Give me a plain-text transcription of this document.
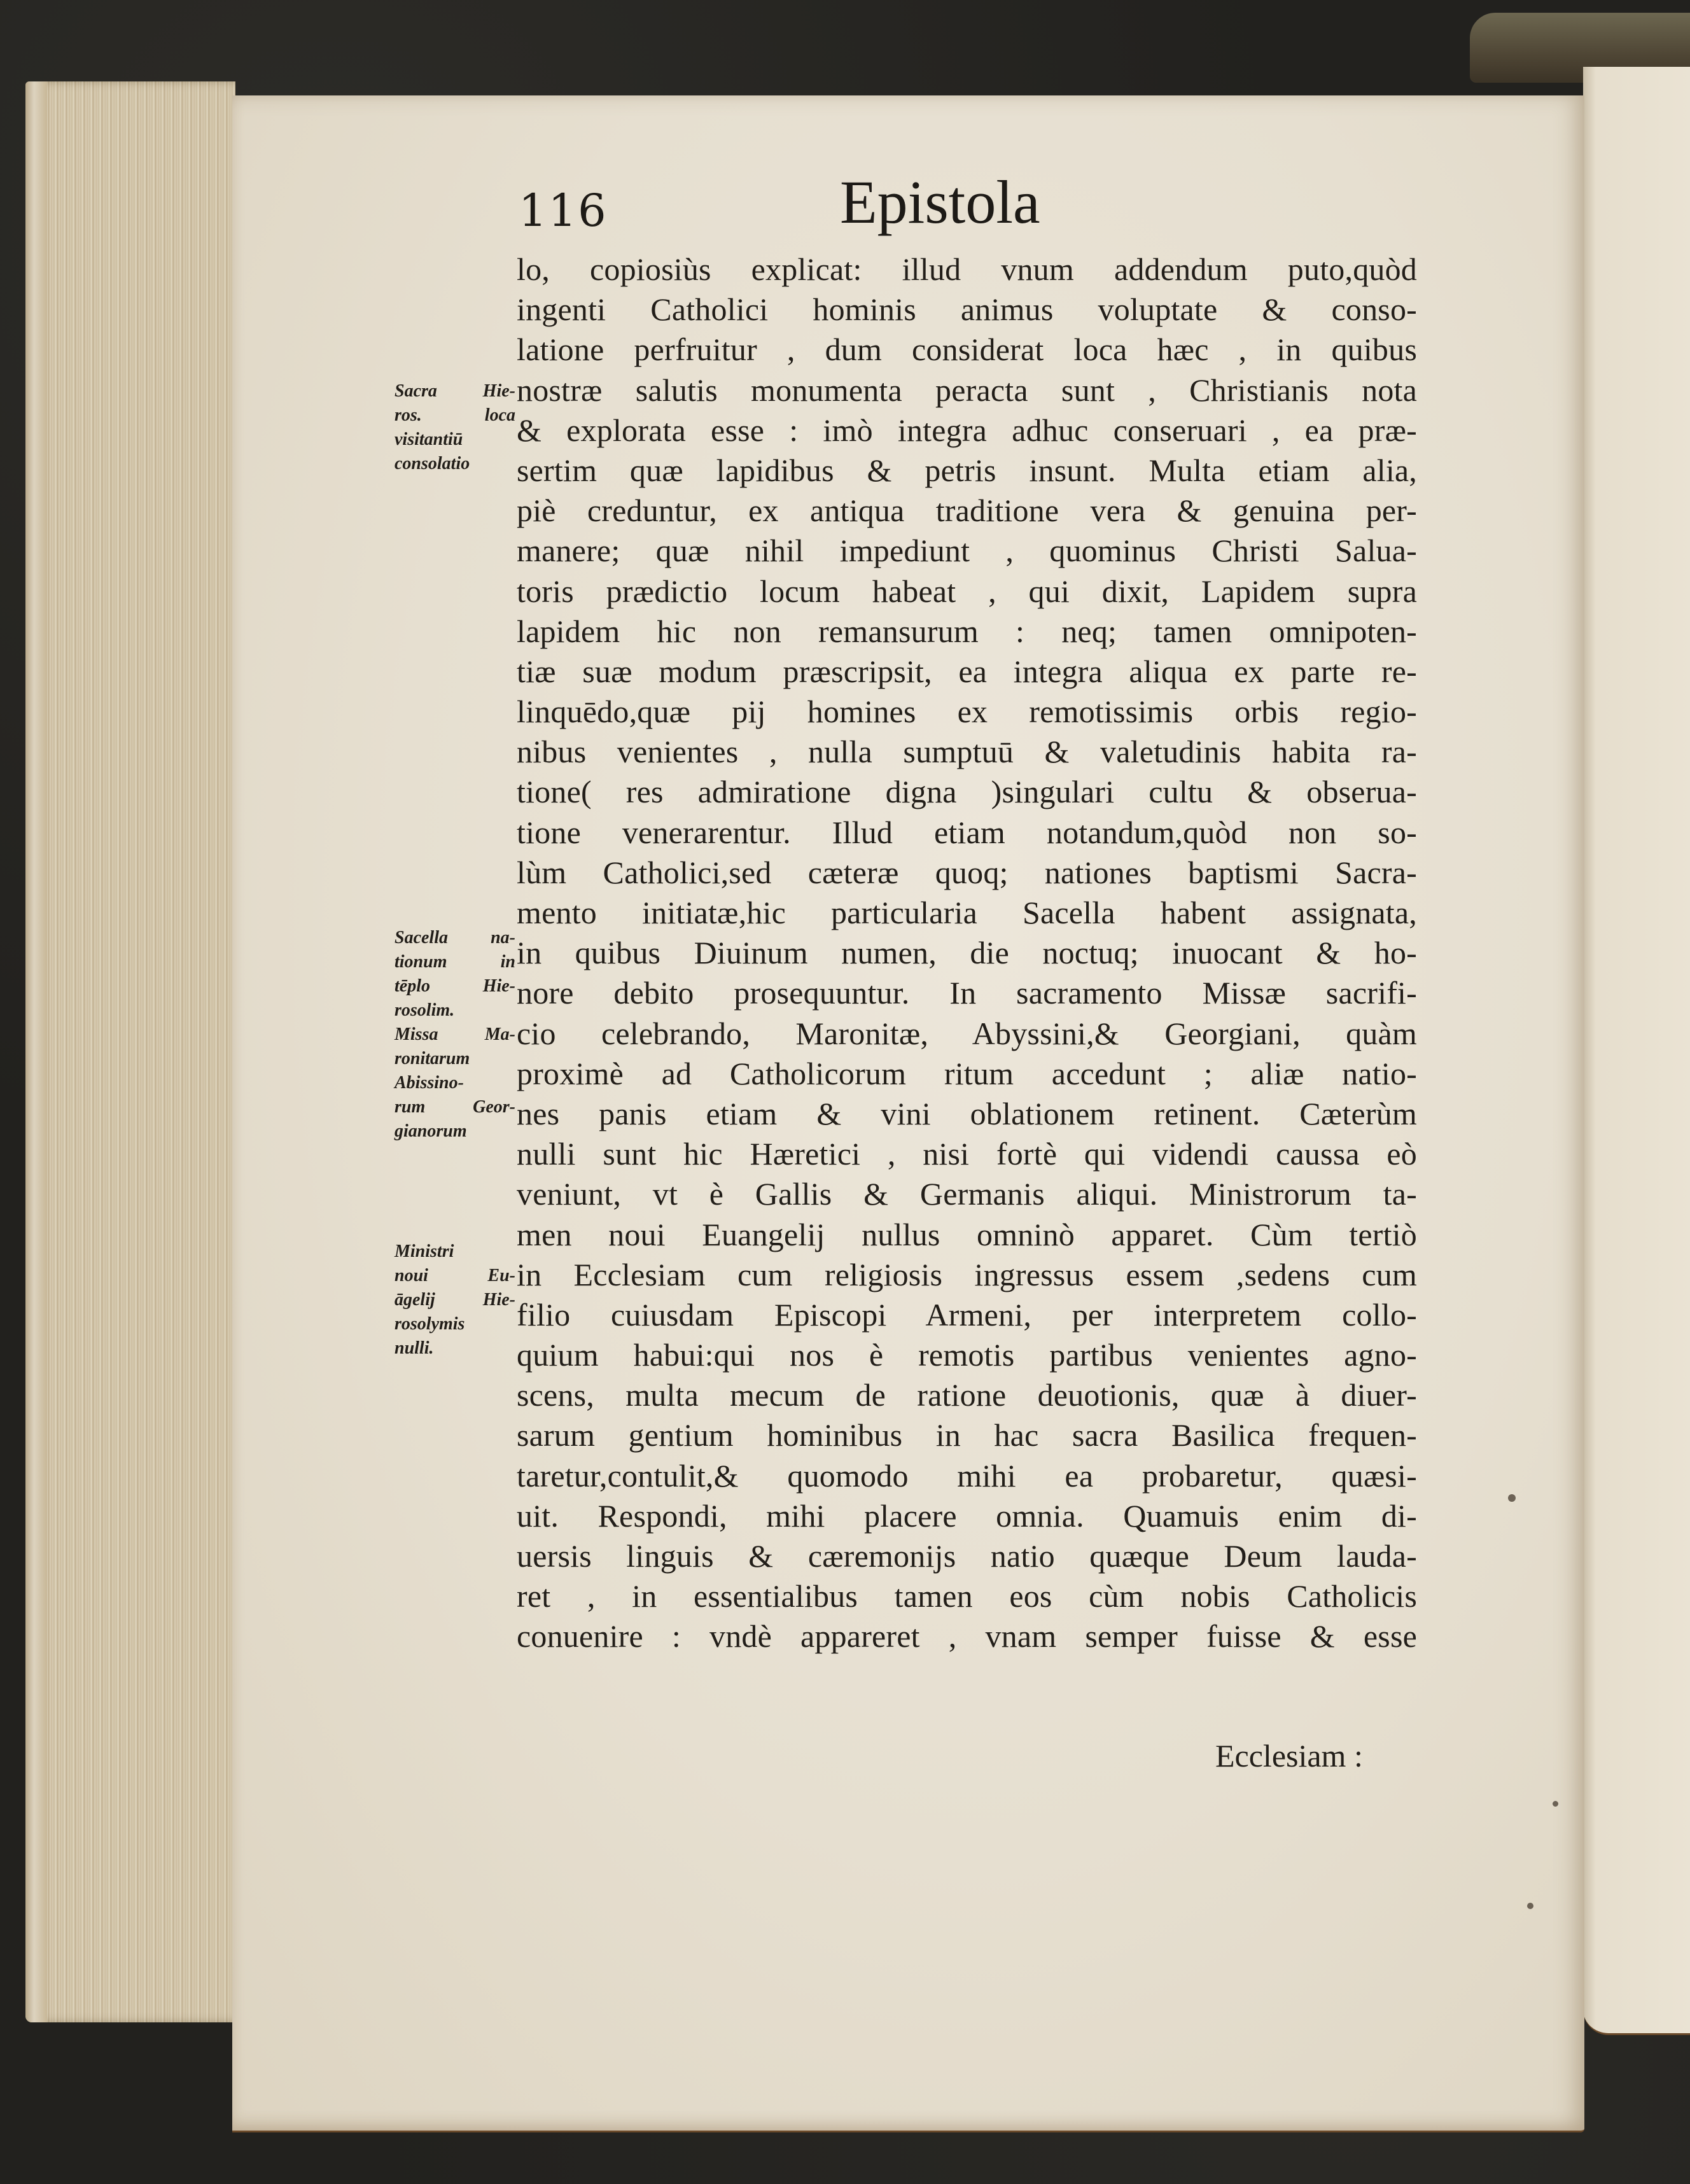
116	Epistola
Sacra Hie-
ros. loca
visitantiū
consolatio
Sacella na-
tionum in
tēplo Hie-
rosolim.
Missa Ma-
ronitarum
Abissino-
rum Geor-
gianorum
Ministri
noui Eu-
āgelij Hie-
rosolymis
nulli.
lo, copiosiùs explicat: illud vnum addendum puto,quòd
ingenti Catholici hominis animus voluptate & conso-
latione perfruitur , dum considerat loca hæc , in quibus
nostræ salutis monumenta peracta sunt , Christianis nota
& explorata esse : imò integra adhuc conseruari , ea præ-
sertim quæ lapidibus & petris insunt. Multa etiam alia,
piè creduntur, ex antiqua traditione vera & genuina per-
manere; quæ nihil impediunt , quominus Christi Salua-
toris prædictio locum habeat , qui dixit, Lapidem supra
lapidem hic non remansurum : neq; tamen omnipoten-
tiæ suæ modum præscripsit, ea integra aliqua ex parte re-
linquēdo,quæ pij homines ex remotissimis orbis regio-
nibus venientes , nulla sumptuū & valetudinis habita ra-
tione( res admiratione digna )singulari cultu & obserua-
tione venerarentur. Illud etiam notandum,quòd non so-
lùm Catholici,sed cæteræ quoq; nationes baptismi Sacra-
mento initiatæ,hic particularia Sacella habent assignata,
in quibus Diuinum numen, die noctuq; inuocant & ho-
nore debito prosequuntur. In sacramento Missæ sacrifi-
cio celebrando, Maronitæ, Abyssini,& Georgiani, quàm
proximè ad Catholicorum ritum accedunt ; aliæ natio-
nes panis etiam & vini oblationem retinent. Cæterùm
nulli sunt hic Hæretici , nisi fortè qui videndi caussa eò
veniunt, vt è Gallis & Germanis aliqui. Ministrorum ta-
men noui Euangelij nullus omninò apparet. Cùm tertiò
in Ecclesiam cum religiosis ingressus essem ,sedens cum
filio cuiusdam Episcopi Armeni, per interpretem collo-
quium habui:qui nos è remotis partibus venientes agno-
scens, multa mecum de ratione deuotionis, quæ à diuer-
sarum gentium hominibus in hac sacra Basilica frequen-
taretur,contulit,& quomodo mihi ea probaretur, quæsi-
uit. Respondi, mihi placere omnia. Quamuis enim di-
uersis linguis & cæremonijs natio quæque Deum lauda-
ret , in essentialibus tamen eos cùm nobis Catholicis
conuenire : vndè appareret , vnam semper fuisse & esse
Ecclesiam :
